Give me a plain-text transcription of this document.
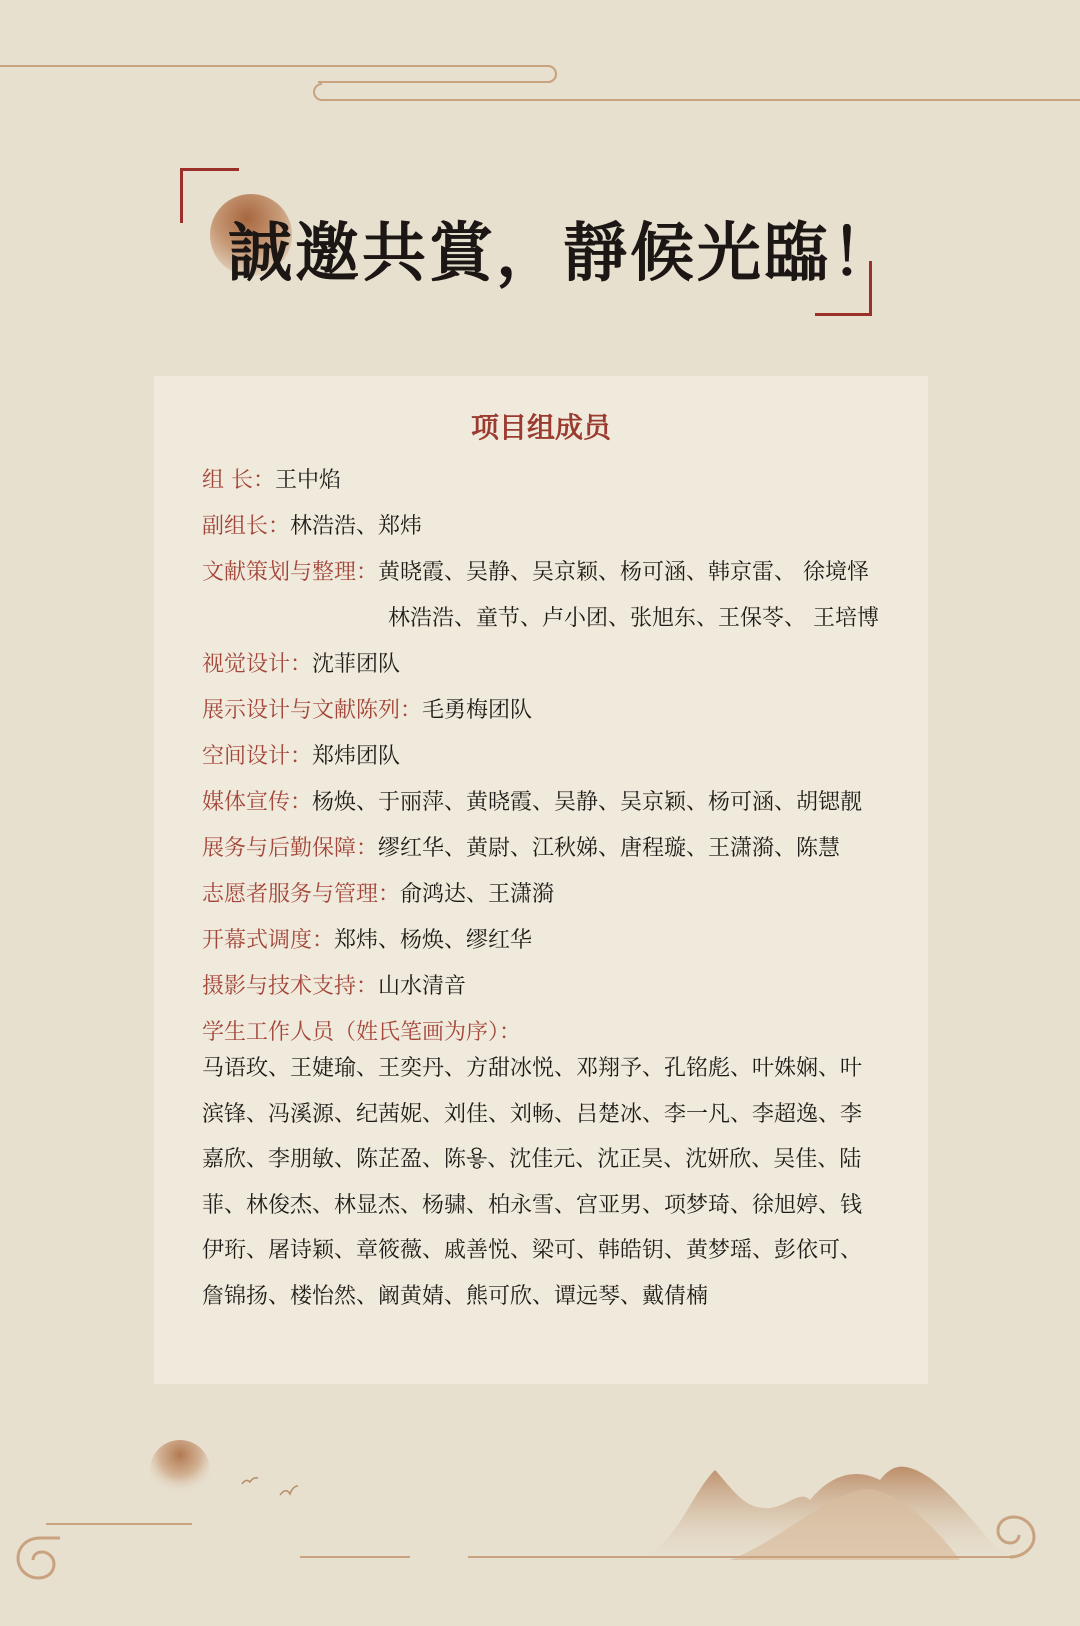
誠邀共賞，靜候光臨！
项目组成员
组 长：王中焰
副组长：林浩浩、郑炜
文献策划与整理：黄晓霞、吴静、吴京颖、杨可涵、韩京雷、 徐境怿
林浩浩、童节、卢小团、张旭东、王保苓、 王培博
视觉设计：沈菲团队
展示设计与文献陈列：毛勇梅团队
空间设计：郑炜团队
媒体宣传：杨焕、于丽萍、黄晓霞、吴静、吴京颖、杨可涵、胡锶靓
展务与后勤保障：缪红华、黄尉、江秋娣、唐程璇、王潇漪、陈慧
志愿者服务与管理：俞鸿达、王潇漪
开幕式调度：郑炜、杨焕、缪红华
摄影与技术支持：山水清音
学生工作人员（姓氏笔画为序）：

马语玫、王婕瑜、王奕丹、方甜冰悦、邓翔予、孔铭彪、叶姝娴、叶
滨锋、冯溪源、纪茜妮、刘佳、刘畅、吕楚冰、李一凡、李超逸、李
嘉欣、李朋敏、陈芷盈、陈욯、沈佳元、沈正昊、沈妍欣、吴佳、陆
菲、林俊杰、林显杰、杨骕、柏永雪、宫亚男、项梦琦、徐旭婷、钱
伊珩、屠诗颖、章筱薇、戚善悦、梁可、韩皓钥、黄梦瑶、彭依可、
詹锦扬、楼怡然、阚黄婧、熊可欣、谭远琴、戴倩楠
